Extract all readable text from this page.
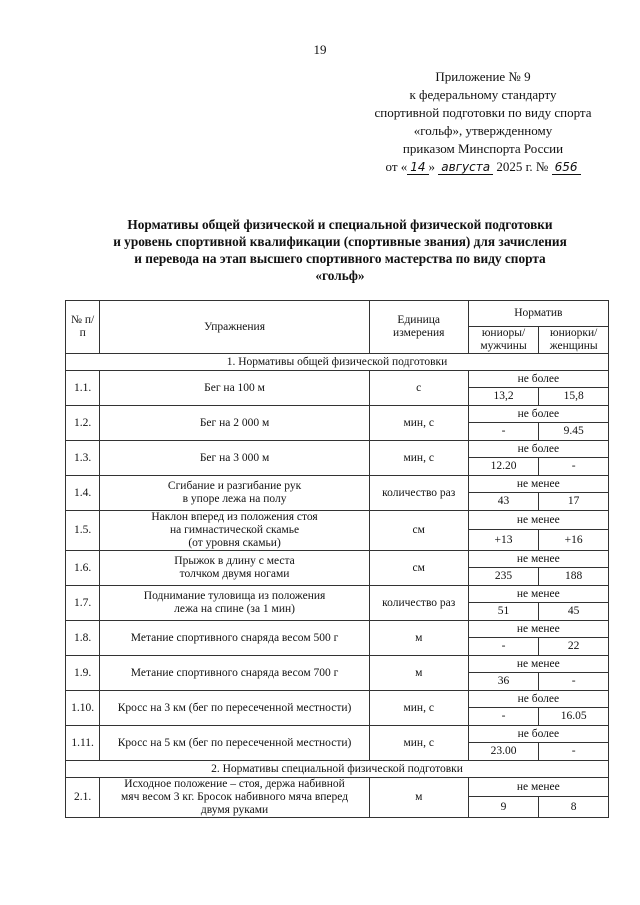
19
Приложение № 9
к федеральному стандарту
спортивной подготовки по виду спорта
«гольф», утвержденному
приказом Минспорта России
от « 14 » августа 2025 г. № 656
Нормативы общей физической и специальной физической подготовки
и уровень спортивной квалификации (спортивные звания) для зачисления
и перевода на этап высшего спортивного мастерства по виду спорта
«гольф»
№ п/п	Упражнения	Единица измерения	Норматив	
			юниоры/ мужчины	юниорки/ женщины
1. Нормативы общей физической подготовки				
1.1.	Бег на 100 м	с	не более	
			13,2	15,8
1.2.	Бег на 2 000 м	мин, с	не более	
			-	9.45
1.3.	Бег на 3 000 м	мин, с	не более	
			12.20	-
1.4.	Сгибание и разгибание рук
в упоре лежа на полу	количество раз	не менее	
			43	17
1.5.	Наклон вперед из положения стоя
на гимнастической скамье
(от уровня скамьи)	см	не менее	
			+13	+16
1.6.	Прыжок в длину с места
толчком двумя ногами	см	не менее	
			235	188
1.7.	Поднимание туловища из положения
лежа на спине (за 1 мин)	количество раз	не менее	
			51	45
1.8.	Метание спортивного снаряда весом 500 г	м	не менее	
			-	22
1.9.	Метание спортивного снаряда весом 700 г	м	не менее	
			36	-
1.10.	Кросс на 3 км (бег по пересеченной местности)	мин, с	не более	
			-	16.05
1.11.	Кросс на 5 км (бег по пересеченной местности)	мин, с	не более	
			23.00	-
2. Нормативы специальной физической подготовки				
2.1.	Исходное положение – стоя, держа набивной
мяч весом 3 кг. Бросок набивного мяча вперед
двумя руками	м	не менее	
			9	8
